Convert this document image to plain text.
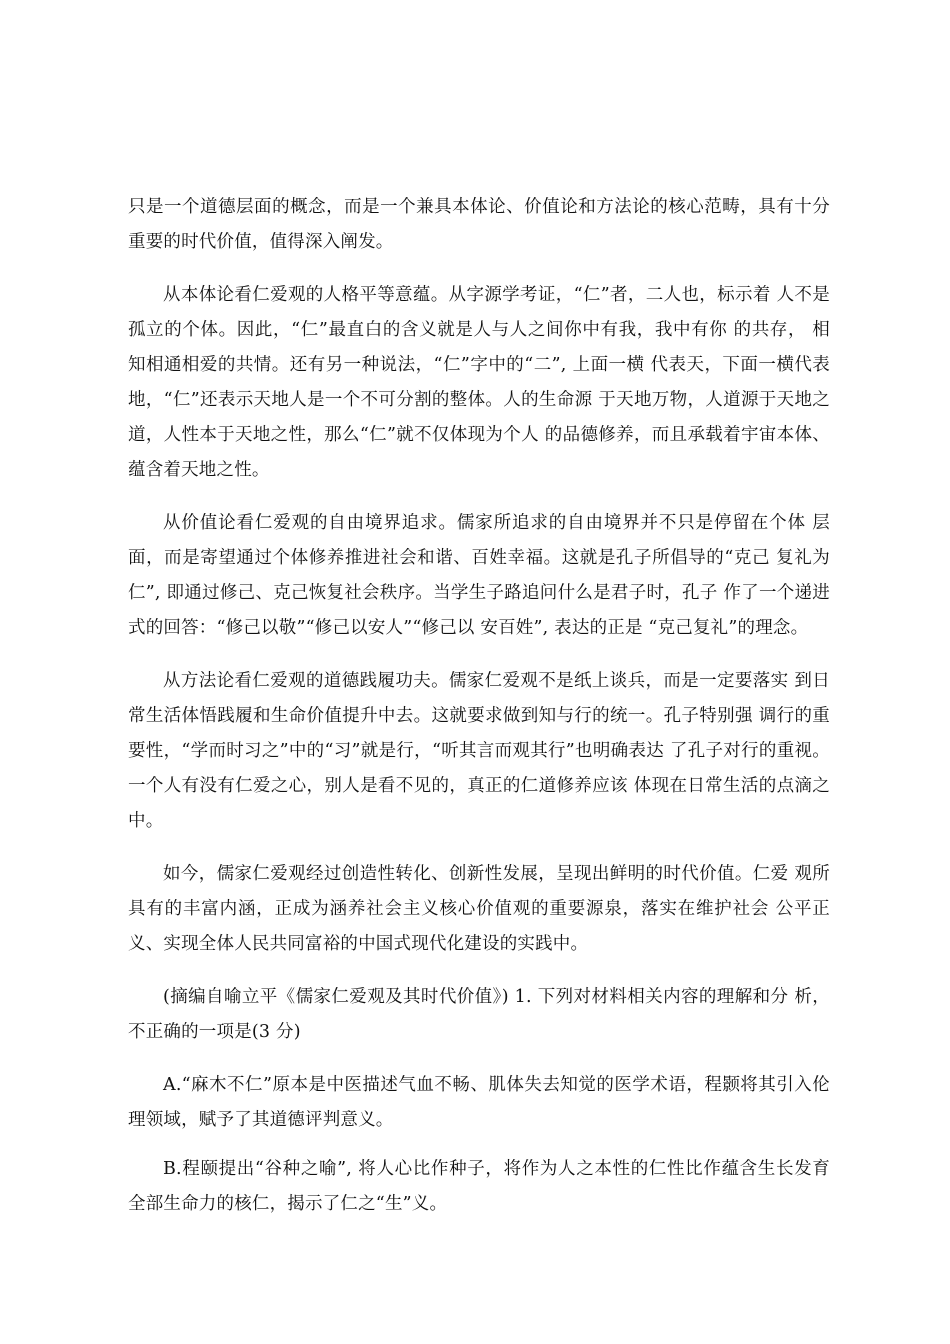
只是一个道德层面的概念，而是一个兼具本体论、价值论和方法论的核心范畴，具有十分重要的时代价值，值得深入阐发。

从本体论看仁爱观的人格平等意蕴。从字源学考证，“仁”者，二人也，标示着 人不是孤立的个体。因此，“仁”最直白的含义就是人与人之间你中有我，我中有你 的共存， 相知相通相爱的共情。还有另一种说法，“仁”字中的“二”, 上面一横 代表天，下面一横代表地，“仁”还表示天地人是一个不可分割的整体。人的生命源 于天地万物，人道源于天地之道，人性本于天地之性，那么“仁”就不仅体现为个人 的品德修养，而且承载着宇宙本体、蕴含着天地之性。

从价值论看仁爱观的自由境界追求。儒家所追求的自由境界并不只是停留在个体 层面，而是寄望通过个体修养推进社会和谐、百姓幸福。这就是孔子所倡导的“克己 复礼为仁”, 即通过修己、克己恢复社会秩序。当学生子路追问什么是君子时，孔子 作了一个递进式的回答：“修己以敬”“修己以安人”“修己以 安百姓”, 表达的正是 “克己复礼”的理念。

从方法论看仁爱观的道德践履功夫。儒家仁爱观不是纸上谈兵，而是一定要落实 到日常生活体悟践履和生命价值提升中去。这就要求做到知与行的统一。孔子特别强 调行的重要性，“学而时习之”中的“习”就是行，“听其言而观其行”也明确表达 了孔子对行的重视。一个人有没有仁爱之心，别人是看不见的，真正的仁道修养应该 体现在日常生活的点滴之中。

如今，儒家仁爱观经过创造性转化、创新性发展，呈现出鲜明的时代价值。仁爱 观所具有的丰富内涵，正成为涵养社会主义核心价值观的重要源泉，落实在维护社会 公平正义、实现全体人民共同富裕的中国式现代化建设的实践中。

(摘编自喻立平《儒家仁爱观及其时代价值》) 1. 下列对材料相关内容的理解和分 析，不正确的一项是(3 分)

A.“麻木不仁”原本是中医描述气血不畅、肌体失去知觉的医学术语，程颢将其引入伦理领域，赋予了其道德评判意义。

B.程颐提出“谷种之喻”, 将人心比作种子，将作为人之本性的仁性比作蕴含生长发育全部生命力的核仁，揭示了仁之“生”义。
